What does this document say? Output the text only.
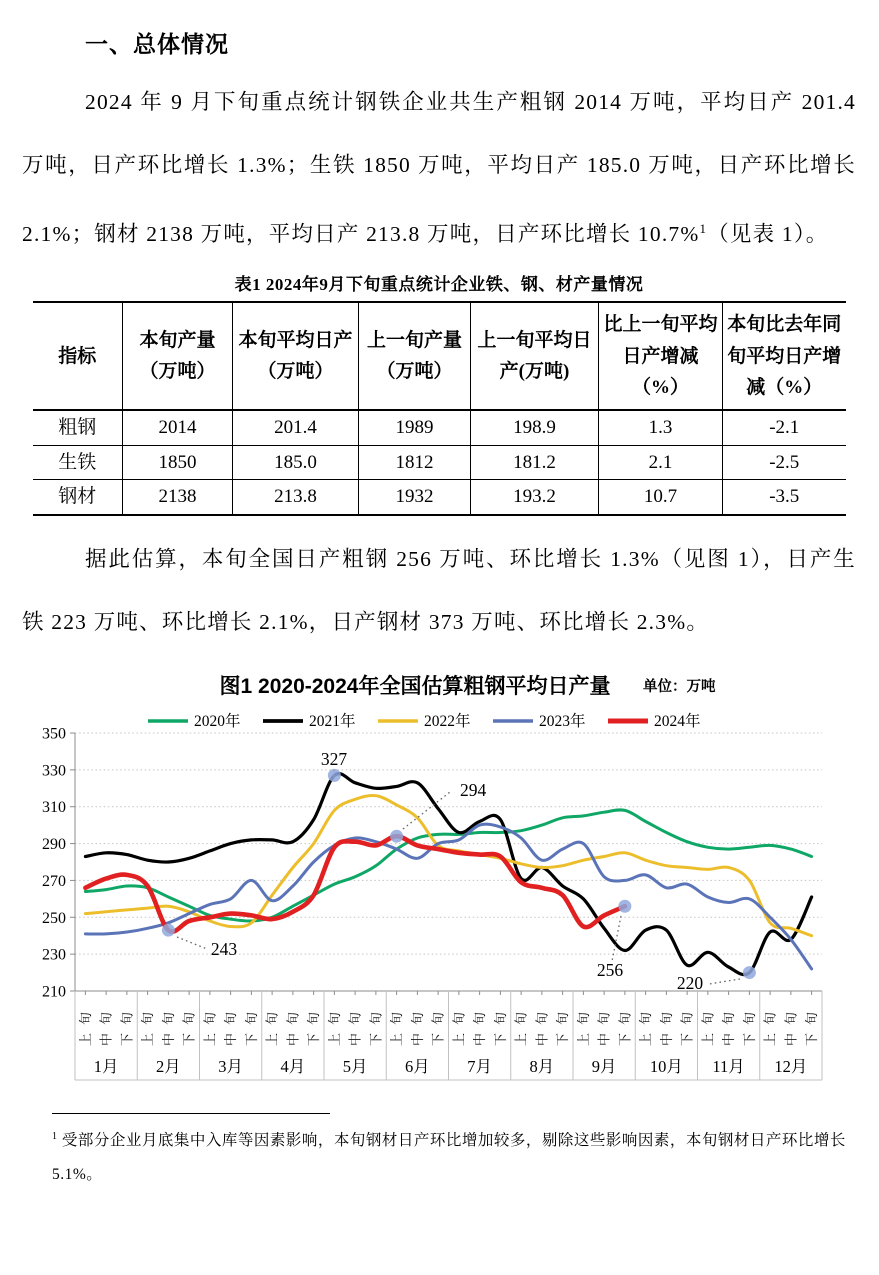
一、总体情况

2024 年 9 月下旬重点统计钢铁企业共生产粗钢 2014 万吨，平均日产 201.4 万吨，日产环比增长 1.3%；生铁 1850 万吨，平均日产 185.0 万吨，日产环比增长 2.1%；钢材 2138 万吨，平均日产 213.8 万吨，日产环比增长 10.7%$^1$（见表 1）。

表1 2024年9月下旬重点统计企业铁、钢、材产量情况
指标	本旬产量（万吨）	本旬平均日产（万吨）	上一旬产量（万吨）	上一旬平均日产(万吨)	比上一旬平均日产增减（%）	本旬比去年同旬平均日产增减（%）
粗钢	2014	201.4	1989	198.9	1.3	-2.1
生铁	1850	185.0	1812	181.2	2.1	-2.5
钢材	2138	213.8	1932	193.2	10.7	-3.5

据此估算，本旬全国日产粗钢 256 万吨、环比增长 1.3%（见图 1），日产生铁 223 万吨、环比增长 2.1%，日产钢材 373 万吨、环比增长 2.3%。

图1 2020-2024年全国估算粗钢平均日产量 单位：万吨
2020年	2021年	2022年	2023年	2024年
350
330
310
290
270
250
230
210
上旬 中旬 下旬 上旬 中旬 下旬 上旬 中旬 下旬 上旬 中旬 下旬 上旬 中旬 下旬 上旬 中旬 下旬 上旬 中旬 下旬 上旬 中旬 下旬 上旬 中旬 下旬 上旬 中旬 下旬 上旬 中旬 下旬 上旬 中旬 下旬
1月 2月 3月 4月 5月 6月 7月 8月 9月 10月 11月 12月
327
243
294
256
220
$^1$ 受部分企业月底集中入库等因素影响，本旬钢材日产环比增加较多，剔除这些影响因素，本旬钢材日产环比增长 5.1%。
